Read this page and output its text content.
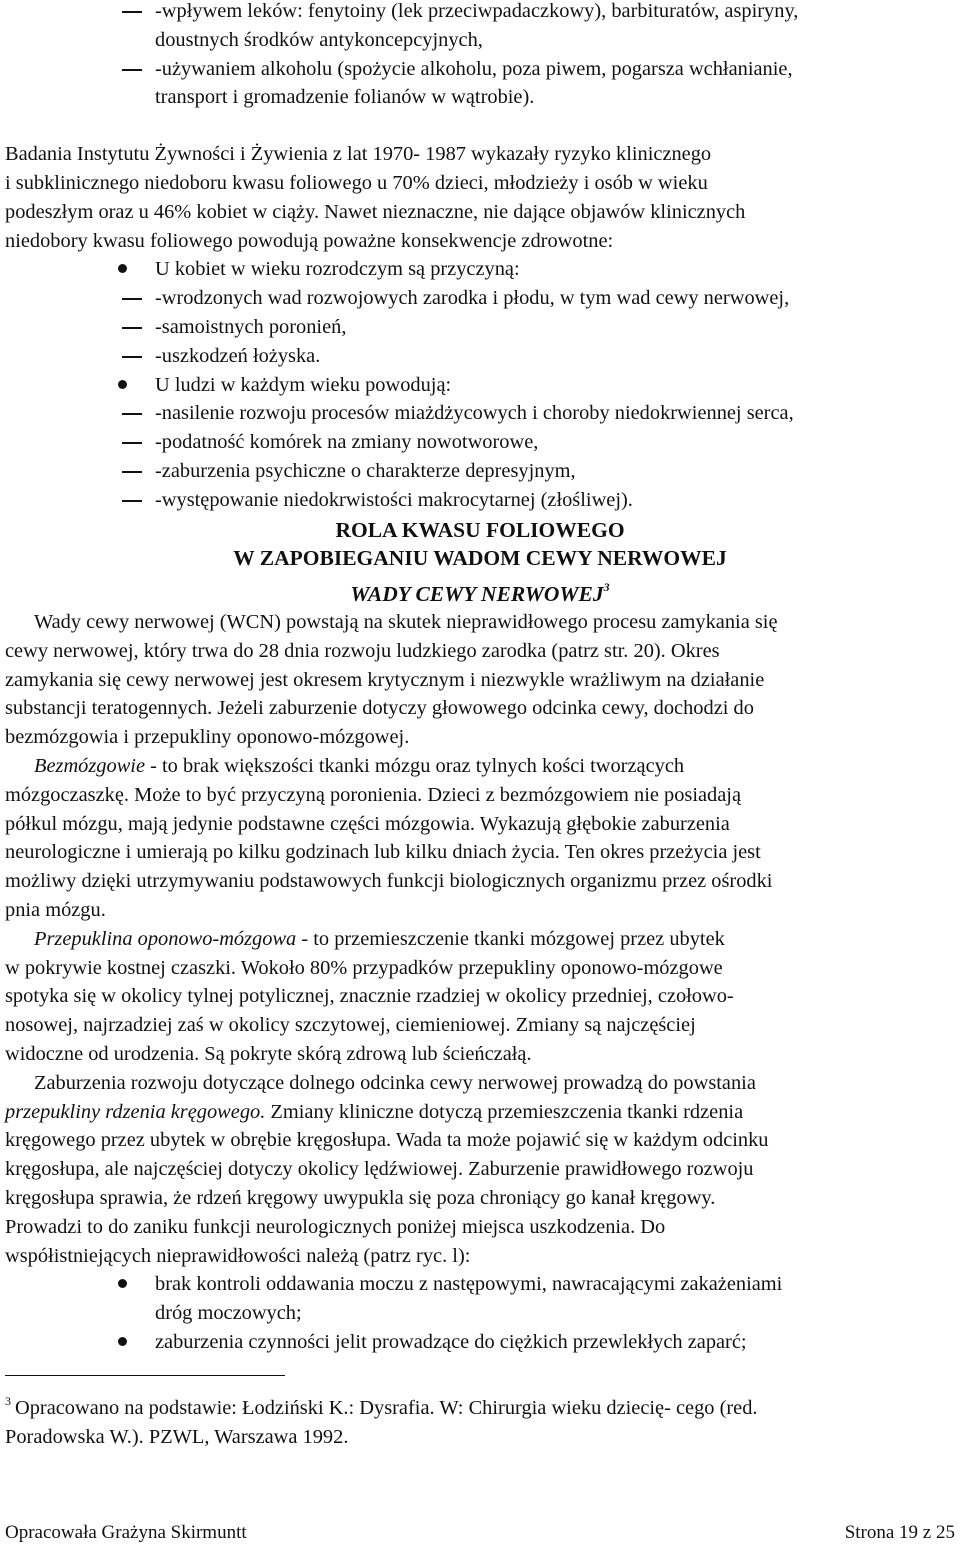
-wpływem leków: fenytoiny (lek przeciwpadaczkowy), barbituratów, aspiryny,
doustnych środków antykoncepcyjnych,
-używaniem alkoholu (spożycie alkoholu, poza piwem, pogarsza wchłanianie,
transport i gromadzenie folianów w wątrobie).
Badania Instytutu Żywności i Żywienia z lat 1970- 1987 wykazały ryzyko klinicznego
i subklinicznego niedoboru kwasu foliowego u 70% dzieci, młodzieży i osób w wieku
podeszłym oraz u 46% kobiet w ciąży. Nawet nieznaczne, nie dające objawów klinicznych
niedobory kwasu foliowego powodują poważne konsekwencje zdrowotne:
U kobiet w wieku rozrodczym są przyczyną:
-wrodzonych wad rozwojowych zarodka i płodu, w tym wad cewy nerwowej,
-samoistnych poronień,
-uszkodzeń łożyska.
U ludzi w każdym wieku powodują:
-nasilenie rozwoju procesów miażdżycowych i choroby niedokrwiennej serca,
-podatność komórek na zmiany nowotworowe,
-zaburzenia psychiczne o charakterze depresyjnym,
-występowanie niedokrwistości makrocytarnej (złośliwej).
ROLA KWASU FOLIOWEGO
W ZAPOBIEGANIU WADOM CEWY NERWOWEJ
WADY CEWY NERWOWEJ$^3$
Wady cewy nerwowej (WCN) powstają na skutek nieprawidłowego procesu zamykania się
cewy nerwowej, który trwa do 28 dnia rozwoju ludzkiego zarodka (patrz str. 20). Okres
zamykania się cewy nerwowej jest okresem krytycznym i niezwykle wrażliwym na działanie
substancji teratogennych. Jeżeli zaburzenie dotyczy głowowego odcinka cewy, dochodzi do
bezmózgowia i przepukliny oponowo-mózgowej.
Bezmózgowie - to brak większości tkanki mózgu oraz tylnych kości tworzących
mózgoczaszkę. Może to być przyczyną poronienia. Dzieci z bezmózgowiem nie posiadają
półkul mózgu, mają jedynie podstawne części mózgowia. Wykazują głębokie zaburzenia
neurologiczne i umierają po kilku godzinach lub kilku dniach życia. Ten okres przeżycia jest
możliwy dzięki utrzymywaniu podstawowych funkcji biologicznych organizmu przez ośrodki
pnia mózgu.
Przepuklina oponowo-mózgowa - to przemieszczenie tkanki mózgowej przez ubytek
w pokrywie kostnej czaszki. Wokoło 80% przypadków przepukliny oponowo-mózgowe
spotyka się w okolicy tylnej potylicznej, znacznie rzadziej w okolicy przedniej, czołowo-
nosowej, najrzadziej zaś w okolicy szczytowej, ciemieniowej. Zmiany są najczęściej
widoczne od urodzenia. Są pokryte skórą zdrową lub ścieńczałą.
Zaburzenia rozwoju dotyczące dolnego odcinka cewy nerwowej prowadzą do powstania
przepukliny rdzenia kręgowego. Zmiany kliniczne dotyczą przemieszczenia tkanki rdzenia
kręgowego przez ubytek w obrębie kręgosłupa. Wada ta może pojawić się w każdym odcinku
kręgosłupa, ale najczęściej dotyczy okolicy lędźwiowej. Zaburzenie prawidłowego rozwoju
kręgosłupa sprawia, że rdzeń kręgowy uwypukla się poza chroniący go kanał kręgowy.
Prowadzi to do zaniku funkcji neurologicznych poniżej miejsca uszkodzenia. Do
współistniejących nieprawidłowości należą (patrz ryc. l):
brak kontroli oddawania moczu z następowymi, nawracającymi zakażeniami
dróg moczowych;
zaburzenia czynności jelit prowadzące do ciężkich przewlekłych zaparć;
$^3$ Opracowano na podstawie: Łodziński K.: Dysrafia. W: Chirurgia wieku dziecię- cego (red.
Poradowska W.). PZWL, Warszawa 1992.
Opracowała Grażyna Skirmuntt	Strona 19 z 25
